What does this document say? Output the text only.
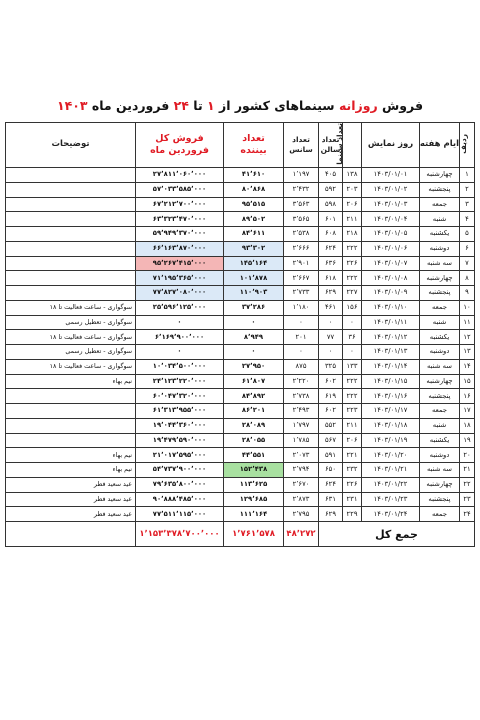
فروش روزانه سینماهای کشور از ۱ تا ۲۴ فروردین ماه ۱۴۰۳
ردیف	ایام هفته	روز نمایش	تعداد سینما	تعداد سالن	تعداد سانس	تعداد
بیننده	فروش کل
فروردین ماه	توضیحات
۱	چهارشنبه	۱۴۰۳/۰۱/۰۱	۱۳۸	۴۰۵	۱٬۱۹۷	۴۱٬۶۱۰	۲۷٬۸۱۱٬۰۶۰٬۰۰۰	
۲	پنجشنبه	۱۴۰۳/۰۱/۰۲	۲۰۳	۵۹۲	۲٬۴۳۲	۸۰٬۸۶۸	۵۷٬۰۳۳٬۵۸۵٬۰۰۰	
۳	جمعه	۱۴۰۳/۰۱/۰۳	۲۰۶	۵۹۸	۳٬۵۶۳	۹۵٬۵۱۵	۶۷٬۲۱۲٬۷۰۰٬۰۰۰	
۴	شنبه	۱۴۰۳/۰۱/۰۴	۲۱۱	۶۰۱	۳٬۵۶۵	۸۹٬۵۰۲	۶۳٬۳۲۳٬۴۷۰٬۰۰۰	
۵	یکشنبه	۱۴۰۳/۰۱/۰۵	۲۱۸	۶۰۸	۲٬۵۳۸	۸۴٬۶۱۱	۵۹٬۹۴۹٬۳۷۰٬۰۰۰	
۶	دوشنبه	۱۴۰۳/۰۱/۰۶	۲۲۲	۶۲۴	۲٬۶۶۶	۹۳٬۳۰۲	۶۶٬۱۶۳٬۸۷۰٬۰۰۰	
۷	سه شنبه	۱۴۰۳/۰۱/۰۷	۲۲۶	۶۳۶	۲٬۹۰۱	۱۴۵٬۱۶۴	۹۵٬۲۶۷٬۴۱۵٬۰۰۰	
۸	چهارشنبه	۱۴۰۳/۰۱/۰۸	۲۲۲	۶۱۸	۲٬۶۶۷	۱۰۱٬۸۷۸	۷۱٬۱۹۵٬۳۶۵٬۰۰۰	
۹	پنجشنبه	۱۴۰۳/۰۱/۰۹	۲۲۷	۶۲۹	۲٬۷۳۳	۱۱۰٬۹۰۳	۷۷٬۸۲۷٬۰۸۰٬۰۰۰	
۱۰	جمعه	۱۴۰۳/۰۱/۱۰	۱۵۶	۴۶۱	۱٬۱۸۰	۳۷٬۲۸۶	۲۵٬۵۹۶٬۱۲۵٬۰۰۰	سوگواری - ساعت فعالیت تا ۱۸
۱۱	شنبه	۱۴۰۳/۰۱/۱۱	۰	۰	۰	۰	۰	سوگواری - تعطیل رسمی
۱۲	یکشنبه	۱۴۰۳/۰۱/۱۲	۳۶	۷۷	۲۰۱	۸٬۹۴۹	۶٬۱۶۹٬۹۰۰٬۰۰۰	سوگواری - ساعت فعالیت تا ۱۸
۱۳	دوشنبه	۱۴۰۳/۰۱/۱۳	۰	۰	۰	۰	۰	سوگواری - تعطیل رسمی
۱۴	سه شنبه	۱۴۰۳/۰۱/۱۴	۱۳۳	۳۲۵	۸۷۵	۲۷٬۹۵۰	۱۰٬۰۳۴٬۵۰۰٬۰۰۰	سوگواری - ساعت فعالیت تا ۱۸
۱۵	چهارشنبه	۱۴۰۳/۰۱/۱۵	۲۲۲	۶۰۲	۲٬۲۲۰	۶۱٬۸۰۷	۲۴٬۱۲۳٬۲۲۰٬۰۰۰	نیم بهاء
۱۶	پنجشنبه	۱۴۰۳/۰۱/۱۶	۲۲۲	۶۱۹	۲٬۷۳۸	۸۴٬۸۹۲	۶۰٬۰۴۷٬۳۲۰٬۰۰۰	
۱۷	جمعه	۱۴۰۳/۰۱/۱۷	۲۲۳	۶۰۲	۲٬۴۹۳	۸۶٬۲۰۱	۶۱٬۳۱۳٬۹۵۵٬۰۰۰	
۱۸	شنبه	۱۴۰۳/۰۱/۱۸	۲۱۱	۵۵۲	۱٬۷۹۷	۲۸٬۰۸۹	۱۹٬۰۴۴٬۳۶۰٬۰۰۰	
۱۹	یکشنبه	۱۴۰۳/۰۱/۱۹	۲۰۶	۵۶۷	۱٬۷۸۵	۲۸٬۰۵۵	۱۹٬۴۷۹٬۵۹۰٬۰۰۰	
۲۰	دوشنبه	۱۴۰۳/۰۱/۲۰	۲۲۱	۵۹۱	۲٬۰۷۳	۴۴٬۵۵۱	۲۱٬۰۱۷٬۵۹۵٬۰۰۰	نیم بهاء
۲۱	سه شنبه	۱۴۰۳/۰۱/۲۱	۲۳۲	۶۵۰	۲٬۷۹۴	۱۵۲٬۴۳۸	۵۴٬۷۳۷٬۹۰۰٬۰۰۰	نیم بهاء
۲۲	چهارشنبه	۱۴۰۳/۰۱/۲۲	۲۲۶	۶۲۴	۲٬۶۷۰	۱۱۳٬۶۲۵	۷۹٬۶۳۵٬۸۰۰٬۰۰۰	عید سعید فطر
۲۳	پنجشنبه	۱۴۰۳/۰۱/۲۳	۲۳۱	۶۳۱	۲٬۸۷۳	۱۲۹٬۶۸۵	۹۰٬۸۸۸٬۴۸۵٬۰۰۰	عید سعید فطر
۲۴	جمعه	۱۴۰۳/۰۱/۲۴	۲۲۹	۶۲۹	۲٬۷۹۵	۱۱۱٬۱۶۴	۷۷٬۵۱۱٬۱۱۵٬۰۰۰	عید سعید فطر
جمع کل					۴۸٬۲۷۲	۱٬۷۶۱٬۵۷۸	۱٬۱۵۳٬۳۷۸٬۷۰۰٬۰۰۰	
